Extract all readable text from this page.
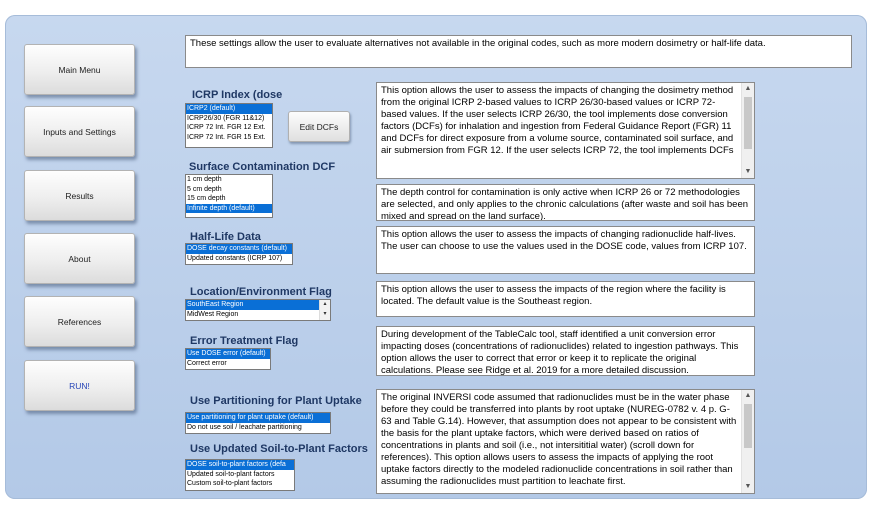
Main Menu
Inputs and Settings
Results
About
References
RUN!
These settings allow the user to evaluate alternatives not available in the original codes, such as more modern dosimetry or half-life data.
ICRP Index (dose
ICRP2 (default)
ICRP26/30 (FGR 11&12)
ICRP 72 Int. FGR 12 Ext.
ICRP 72 Int. FGR 15 Ext.
Edit DCFs
This option allows the user to assess the impacts of changing the dosimetry method from the original ICRP 2-based values to ICRP 26/30-based values or ICRP 72-based values. If the user selects ICRP 26/30, the tool implements dose conversion factors (DCFs) for inhalation and ingestion from Federal Guidance Report (FGR) 11 and DCFs for direct exposure from a volume source, contaminated soil surface, and air submersion from FGR 12. If the user selects ICRP 72, the tool implements DCFs
▲
▼
Surface Contamination DCF
1 cm depth
5 cm depth
15 cm depth
Infinite depth (default)
The depth control for contamination is only active when ICRP 26 or 72 methodologies are selected, and only applies to the chronic calculations (after waste and soil has been mixed and spread on the land surface).
Half-Life Data
DOSE decay constants (default)
Updated constants (ICRP 107)
This option allows the user to assess the impacts of changing radionuclide half-lives. The user can choose to use the values used in the DOSE code, values from ICRP 107.
Location/Environment Flag
SouthEast Region
MidWest Region
▴
▾
This option allows the user to assess the impacts of the region where the facility is located. The default value is the Southeast region.
Error Treatment Flag
Use DOSE error (default)
Correct error
During development of the TableCalc tool, staff identified a unit conversion error impacting doses (concentrations of radionuclides) related to ingestion pathways. This option allows the user to correct that error or keep it to replicate the original calculations. Please see Ridge et al. 2019 for a more detailed discussion.
Use Partitioning for Plant Uptake
Use partitioning for plant uptake (default)
Do not use soil / leachate partitioning
The original INVERSI code assumed that radionuclides must be in the water phase before they could be transferred into plants by root uptake (NUREG-0782 v. 4 p. G-63 and Table G.14). However, that assumption does not appear to be consistent with the basis for the plant uptake factors, which were derived based on ratios of concentrations in plants and soil (i.e., not intersititial water) (scroll down for references). This option allows users to assess the impacts of applying the root uptake factors directly to the modeled radionuclide concentrations in soil rather than assuming the radionuclides must partition to leachate first.
▲
▼
Use Updated Soil-to-Plant Factors
DOSE soil-to-plant factors (defa
Updated soil-to-plant factors
Custom soil-to-plant factors
